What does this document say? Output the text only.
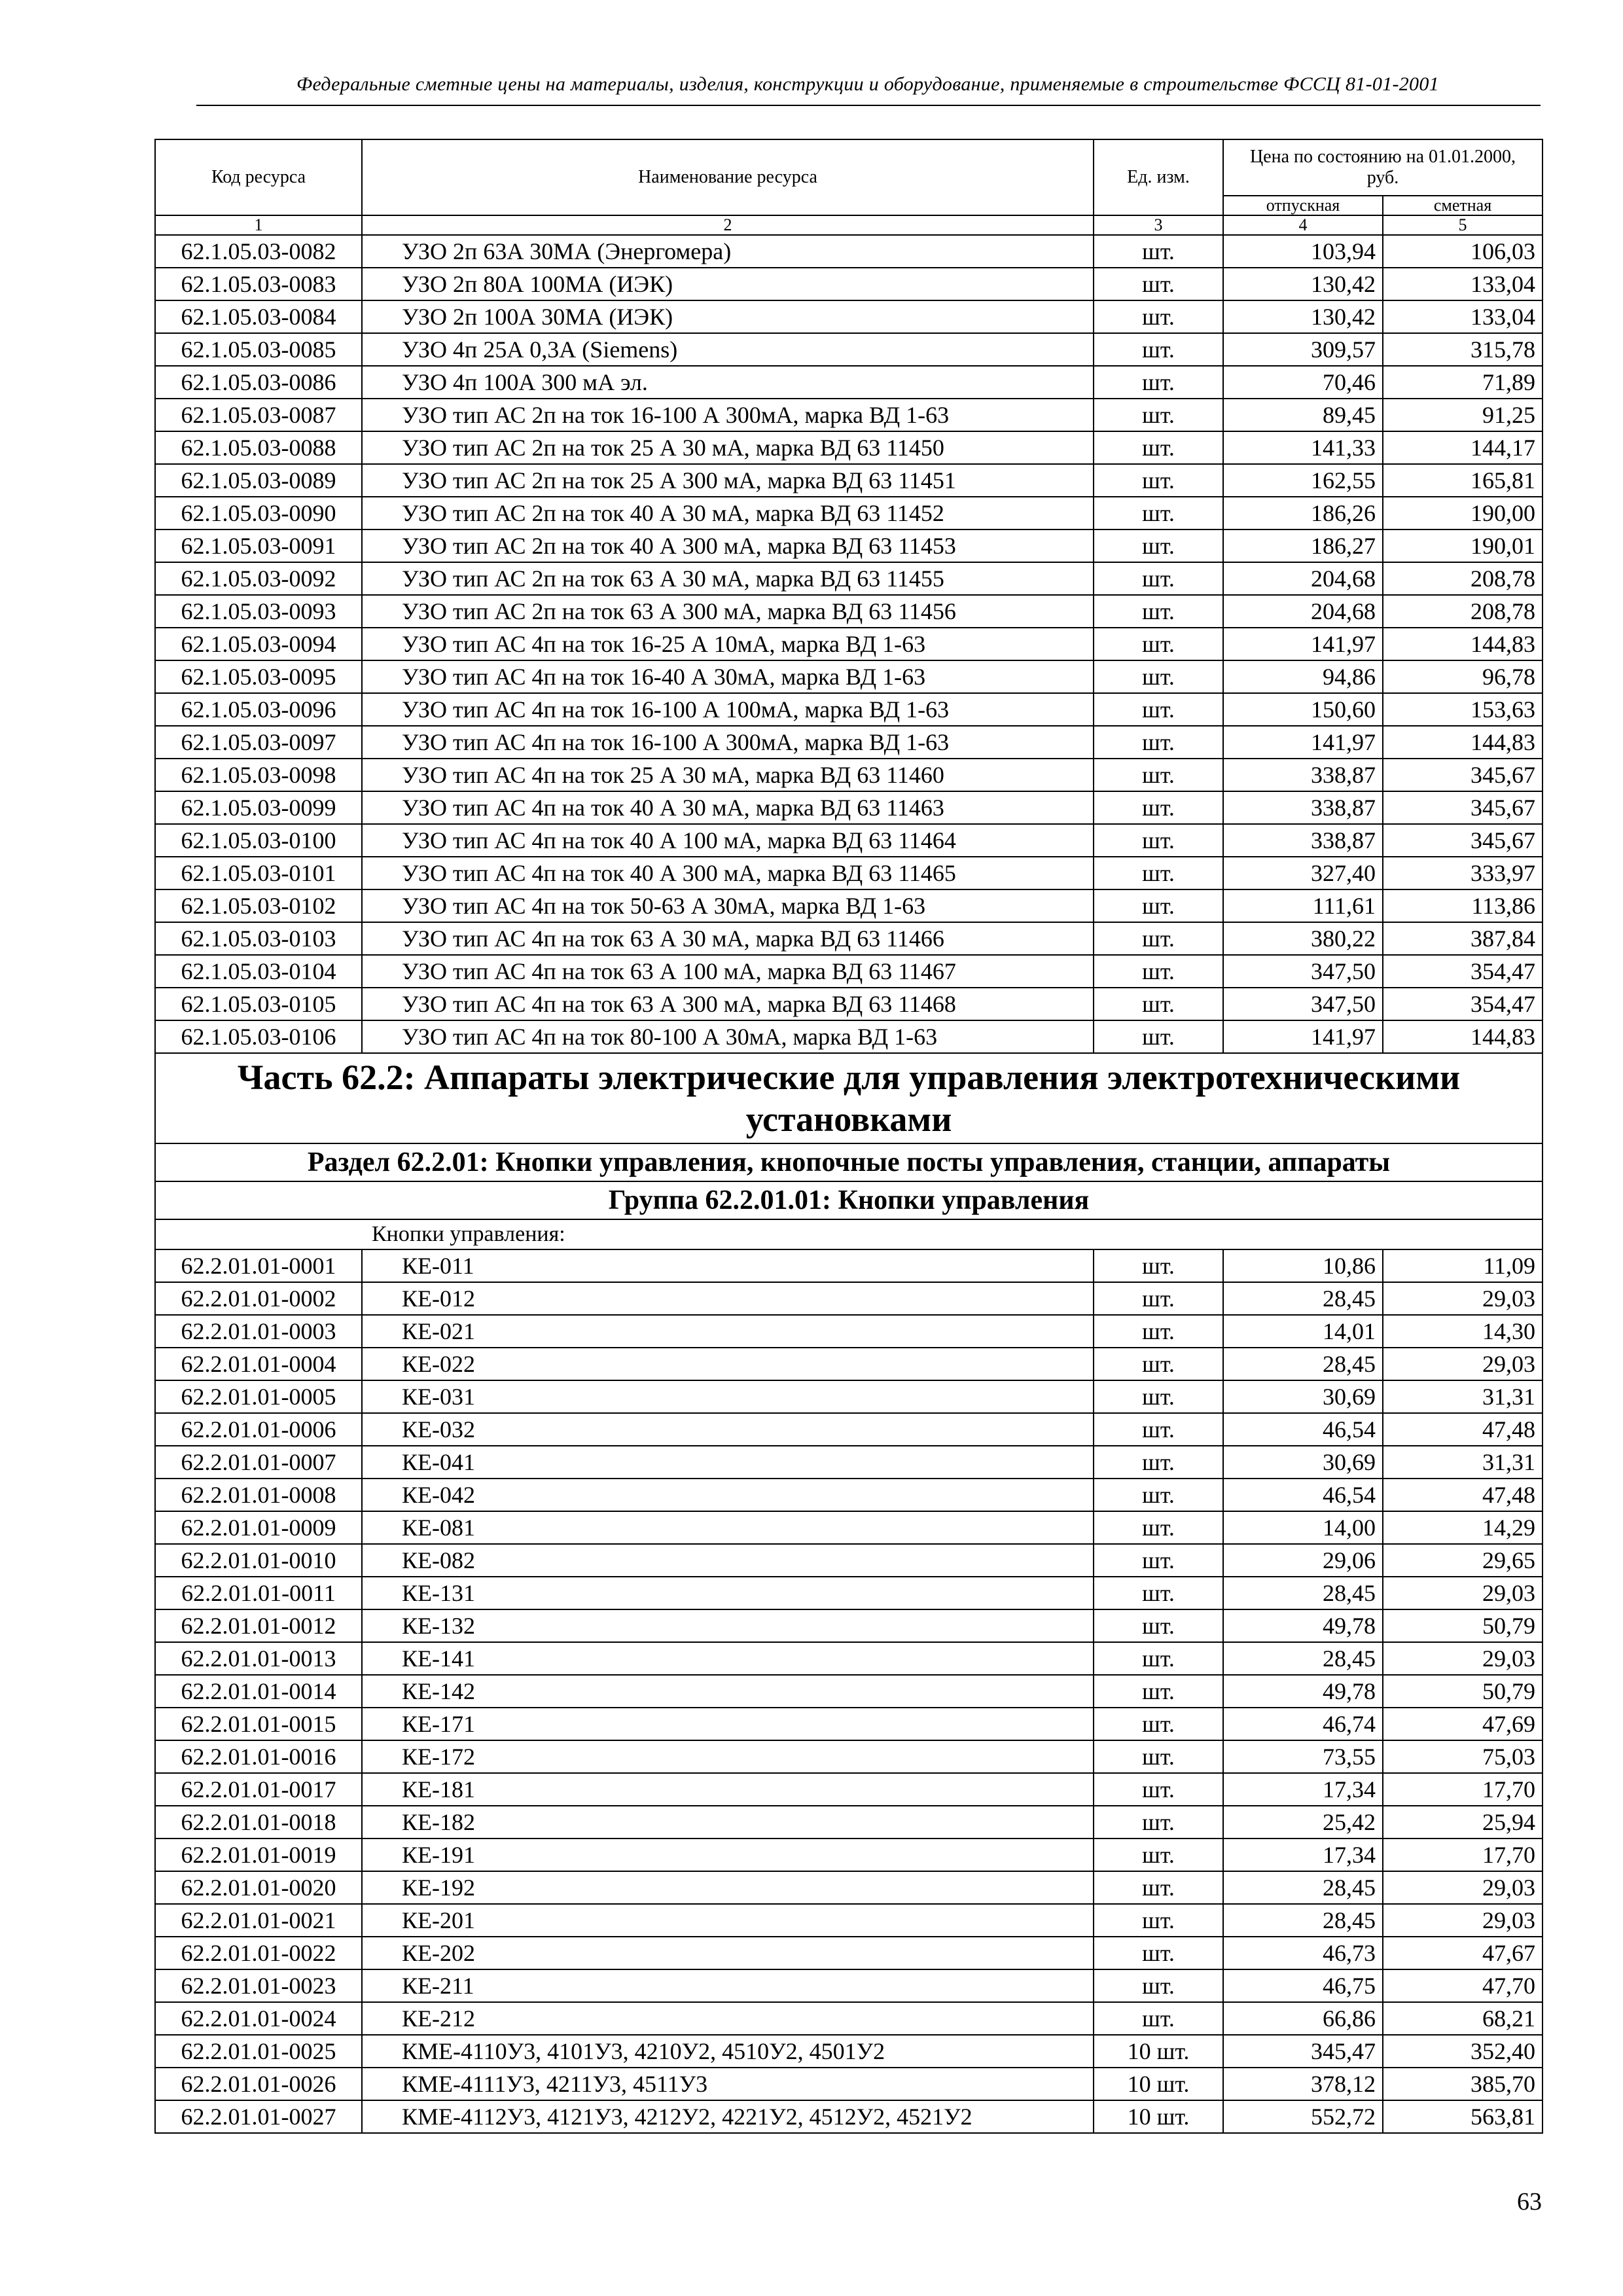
Федеральные сметные цены на материалы, изделия, конструкции и оборудование, применяемые в строительстве ФССЦ 81-01-2001
Код ресурса	Наименование ресурса	Ед. изм.	Цена по состоянию на 01.01.2000, руб.	
			отпускная	сметная
1	2	3	4	5
62.1.05.03-0082	УЗО 2п 63А 30МА (Энергомера)	шт.	103,94	106,03
62.1.05.03-0083	УЗО 2п 80А 100МА (ИЭК)	шт.	130,42	133,04
62.1.05.03-0084	УЗО 2п 100А 30МА (ИЭК)	шт.	130,42	133,04
62.1.05.03-0085	УЗО 4п 25А 0,3А (Siemens)	шт.	309,57	315,78
62.1.05.03-0086	УЗО 4п 100А 300 мА эл.	шт.	70,46	71,89
62.1.05.03-0087	УЗО тип АС 2п на ток 16-100 А 300мА, марка ВД 1-63	шт.	89,45	91,25
62.1.05.03-0088	УЗО тип АС 2п на ток 25 А 30 мА, марка ВД 63 11450	шт.	141,33	144,17
62.1.05.03-0089	УЗО тип АС 2п на ток 25 А 300 мА, марка ВД 63 11451	шт.	162,55	165,81
62.1.05.03-0090	УЗО тип АС 2п на ток 40 А 30 мА, марка ВД 63 11452	шт.	186,26	190,00
62.1.05.03-0091	УЗО тип АС 2п на ток 40 А 300 мА, марка ВД 63 11453	шт.	186,27	190,01
62.1.05.03-0092	УЗО тип АС 2п на ток 63 А 30 мА, марка ВД 63 11455	шт.	204,68	208,78
62.1.05.03-0093	УЗО тип АС 2п на ток 63 А 300 мА, марка ВД 63 11456	шт.	204,68	208,78
62.1.05.03-0094	УЗО тип АС 4п на ток 16-25 А 10мА, марка ВД 1-63	шт.	141,97	144,83
62.1.05.03-0095	УЗО тип АС 4п на ток 16-40 А 30мА, марка ВД 1-63	шт.	94,86	96,78
62.1.05.03-0096	УЗО тип АС 4п на ток 16-100 А 100мА, марка ВД 1-63	шт.	150,60	153,63
62.1.05.03-0097	УЗО тип АС 4п на ток 16-100 А 300мА, марка ВД 1-63	шт.	141,97	144,83
62.1.05.03-0098	УЗО тип АС 4п на ток 25 А 30 мА, марка ВД 63 11460	шт.	338,87	345,67
62.1.05.03-0099	УЗО тип АС 4п на ток 40 А 30 мА, марка ВД 63 11463	шт.	338,87	345,67
62.1.05.03-0100	УЗО тип АС 4п на ток 40 А 100 мА, марка ВД 63 11464	шт.	338,87	345,67
62.1.05.03-0101	УЗО тип АС 4п на ток 40 А 300 мА, марка ВД 63 11465	шт.	327,40	333,97
62.1.05.03-0102	УЗО тип АС 4п на ток 50-63 А 30мА, марка ВД 1-63	шт.	111,61	113,86
62.1.05.03-0103	УЗО тип АС 4п на ток 63 А 30 мА, марка ВД 63 11466	шт.	380,22	387,84
62.1.05.03-0104	УЗО тип АС 4п на ток 63 А 100 мА, марка ВД 63 11467	шт.	347,50	354,47
62.1.05.03-0105	УЗО тип АС 4п на ток 63 А 300 мА, марка ВД 63 11468	шт.	347,50	354,47
62.1.05.03-0106	УЗО тип АС 4п на ток 80-100 А 30мА, марка ВД 1-63	шт.	141,97	144,83
Часть 62.2: Аппараты электрические для управления электротехническими установками				
Раздел 62.2.01: Кнопки управления, кнопочные посты управления, станции, аппараты				
Группа 62.2.01.01: Кнопки управления				
Кнопки управления:				
62.2.01.01-0001	КЕ-011	шт.	10,86	11,09
62.2.01.01-0002	КЕ-012	шт.	28,45	29,03
62.2.01.01-0003	КЕ-021	шт.	14,01	14,30
62.2.01.01-0004	КЕ-022	шт.	28,45	29,03
62.2.01.01-0005	КЕ-031	шт.	30,69	31,31
62.2.01.01-0006	КЕ-032	шт.	46,54	47,48
62.2.01.01-0007	КЕ-041	шт.	30,69	31,31
62.2.01.01-0008	КЕ-042	шт.	46,54	47,48
62.2.01.01-0009	КЕ-081	шт.	14,00	14,29
62.2.01.01-0010	КЕ-082	шт.	29,06	29,65
62.2.01.01-0011	КЕ-131	шт.	28,45	29,03
62.2.01.01-0012	КЕ-132	шт.	49,78	50,79
62.2.01.01-0013	КЕ-141	шт.	28,45	29,03
62.2.01.01-0014	КЕ-142	шт.	49,78	50,79
62.2.01.01-0015	КЕ-171	шт.	46,74	47,69
62.2.01.01-0016	КЕ-172	шт.	73,55	75,03
62.2.01.01-0017	КЕ-181	шт.	17,34	17,70
62.2.01.01-0018	КЕ-182	шт.	25,42	25,94
62.2.01.01-0019	КЕ-191	шт.	17,34	17,70
62.2.01.01-0020	КЕ-192	шт.	28,45	29,03
62.2.01.01-0021	КЕ-201	шт.	28,45	29,03
62.2.01.01-0022	КЕ-202	шт.	46,73	47,67
62.2.01.01-0023	КЕ-211	шт.	46,75	47,70
62.2.01.01-0024	КЕ-212	шт.	66,86	68,21
62.2.01.01-0025	КМЕ-4110У3, 4101У3, 4210У2, 4510У2, 4501У2	10 шт.	345,47	352,40
62.2.01.01-0026	КМЕ-4111У3, 4211У3, 4511У3	10 шт.	378,12	385,70
62.2.01.01-0027	КМЕ-4112У3, 4121У3, 4212У2, 4221У2, 4512У2, 4521У2	10 шт.	552,72	563,81
63
